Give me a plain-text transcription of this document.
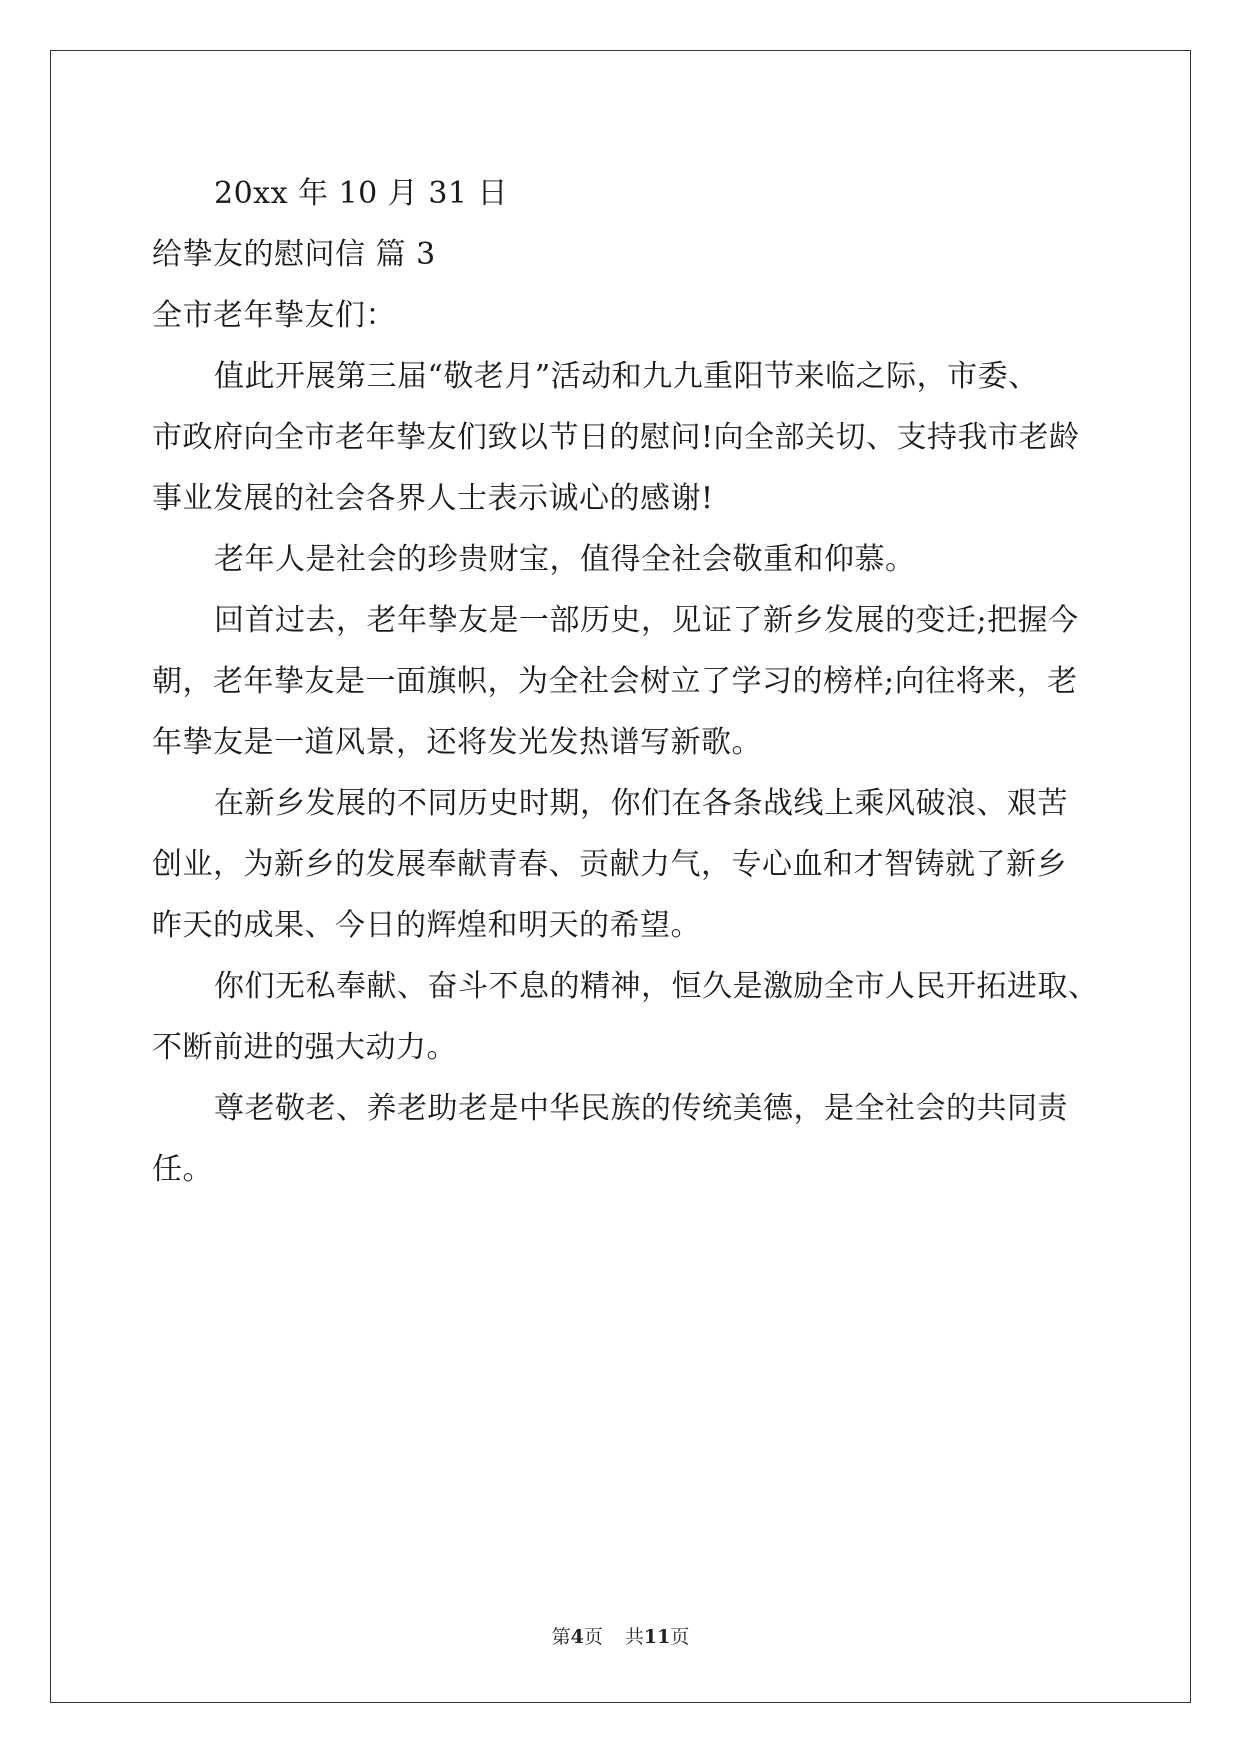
20xx 年 10 月 31 日
给挚友的慰问信 篇 3
全市老年挚友们：
值此开展第三届“敬老月”活动和九九重阳节来临之际，市委、
市政府向全市老年挚友们致以节日的慰问!向全部关切、支持我市老龄
事业发展的社会各界人士表示诚心的感谢!
老年人是社会的珍贵财宝，值得全社会敬重和仰慕。
回首过去，老年挚友是一部历史，见证了新乡发展的变迁;把握今
朝，老年挚友是一面旗帜，为全社会树立了学习的榜样;向往将来，老
年挚友是一道风景，还将发光发热谱写新歌。
在新乡发展的不同历史时期，你们在各条战线上乘风破浪、艰苦
创业，为新乡的发展奉献青春、贡献力气，专心血和才智铸就了新乡
昨天的成果、今日的辉煌和明天的希望。
你们无私奉献、奋斗不息的精神，恒久是激励全市人民开拓进取、
不断前进的强大动力。
尊老敬老、养老助老是中华民族的传统美德，是全社会的共同责
任。
第4页 共11页
